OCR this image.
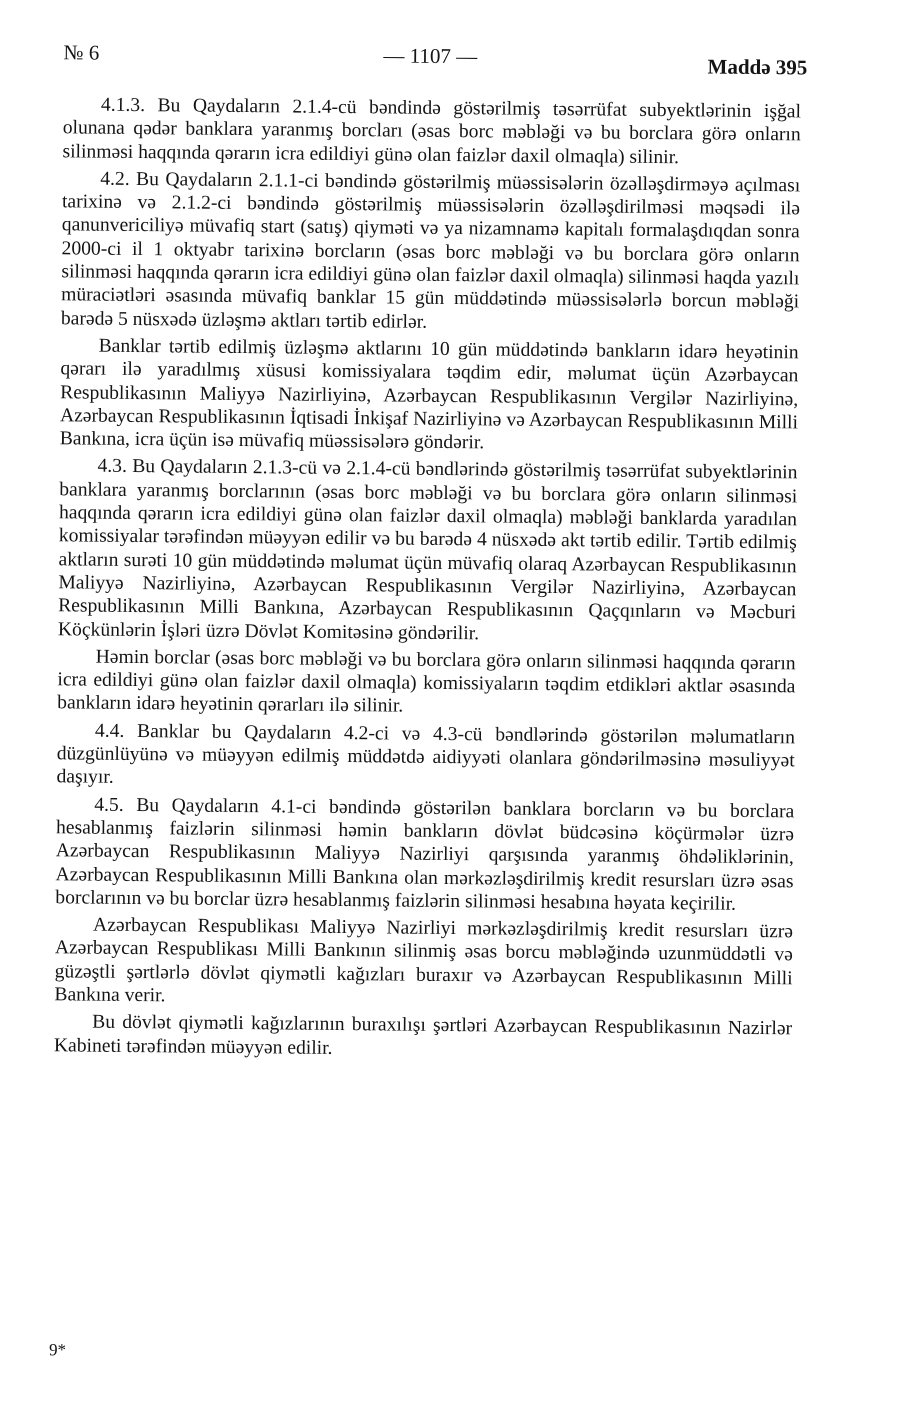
№ 6	— 1107 —	Maddə 395

4.1.3. Bu Qaydaların 2.1.4-cü bəndində göstərilmiş təsərrüfat subyektlərinin işğal olunana qədər banklara yaranmış borcları (əsas borc məbləği və bu borclara görə onların silinməsi haqqında qərarın icra edildiyi günə olan faizlər daxil olmaqla) silinir.

4.2. Bu Qaydaların 2.1.1-ci bəndində göstərilmiş müəssisələrin özəlləşdirməyə açılması tarixinə və 2.1.2-ci bəndində göstərilmiş müəssisələrin özəlləşdirilməsi məqsədi ilə qanunvericiliyə müvafiq start (satış) qiyməti və ya nizamnamə kapitalı formalaşdıqdan sonra 2000-ci il 1 oktyabr tarixinə borcların (əsas borc məbləği və bu borclara görə onların silinməsi haqqında qərarın icra edildiyi günə olan faizlər daxil olmaqla) silinməsi haqda yazılı müraciətləri əsasında müvafiq banklar 15 gün müddətində müəssisələrlə borcun məbləği barədə 5 nüsxədə üzləşmə aktları tərtib edirlər.

Banklar tərtib edilmiş üzləşmə aktlarını 10 gün müddətində bankların idarə heyətinin qərarı ilə yaradılmış xüsusi komissiyalara təqdim edir, məlumat üçün Azərbaycan Respublikasının Maliyyə Nazirliyinə, Azərbaycan Respublikasının Vergilər Nazirliyinə, Azərbaycan Respublikasının İqtisadi İnkişaf Nazirliyinə və Azərbaycan Respublikasının Milli Bankına, icra üçün isə müvafiq müəssisələrə göndərir.

4.3. Bu Qaydaların 2.1.3-cü və 2.1.4-cü bəndlərində göstərilmiş təsərrüfat subyektlərinin banklara yaranmış borclarının (əsas borc məbləği və bu borclara görə onların silinməsi haqqında qərarın icra edildiyi günə olan faizlər daxil olmaqla) məbləği banklarda yaradılan komissiyalar tərəfindən müəyyən edilir və bu barədə 4 nüsxədə akt tərtib edilir. Tərtib edilmiş aktların surəti 10 gün müddətində məlumat üçün müvafiq olaraq Azərbaycan Respublikasının Maliyyə Nazirliyinə, Azərbaycan Respublikasının Vergilər Nazirliyinə, Azərbaycan Respublikasının Milli Bankına, Azərbaycan Respublikasının Qaçqınların və Məcburi Köçkünlərin İşləri üzrə Dövlət Komitəsinə göndərilir.

Həmin borclar (əsas borc məbləği və bu borclara görə onların silinməsi haqqında qərarın icra edildiyi günə olan faizlər daxil olmaqla) komissiyaların təqdim etdikləri aktlar əsasında bankların idarə heyətinin qərarları ilə silinir.

4.4. Banklar bu Qaydaların 4.2-ci və 4.3-cü bəndlərində göstərilən məlumatların düzgünlüyünə və müəyyən edilmiş müddətdə aidiyyəti olanlara göndərilməsinə məsuliyyət daşıyır.

4.5. Bu Qaydaların 4.1-ci bəndində göstərilən banklara borcların və bu borclara hesablanmış faizlərin silinməsi həmin bankların dövlət büdcəsinə köçürmələr üzrə Azərbaycan Respublikasının Maliyyə Nazirliyi qarşısında yaranmış öhdəliklərinin, Azərbaycan Respublikasının Milli Bankına olan mərkəzləşdirilmiş kredit resursları üzrə əsas borclarının və bu borclar üzrə hesablanmış faizlərin silinməsi hesabına həyata keçirilir.

Azərbaycan Respublikası Maliyyə Nazirliyi mərkəzləşdirilmiş kredit resursları üzrə Azərbaycan Respublikası Milli Bankının silinmiş əsas borcu məbləğində uzunmüddətli və güzəştli şərtlərlə dövlət qiymətli kağızları buraxır və Azərbaycan Respublikasının Milli Bankına verir.

Bu dövlət qiymətli kağızlarının buraxılışı şərtləri Azərbaycan Respublikasının Nazirlər Kabineti tərəfindən müəyyən edilir.

9*
